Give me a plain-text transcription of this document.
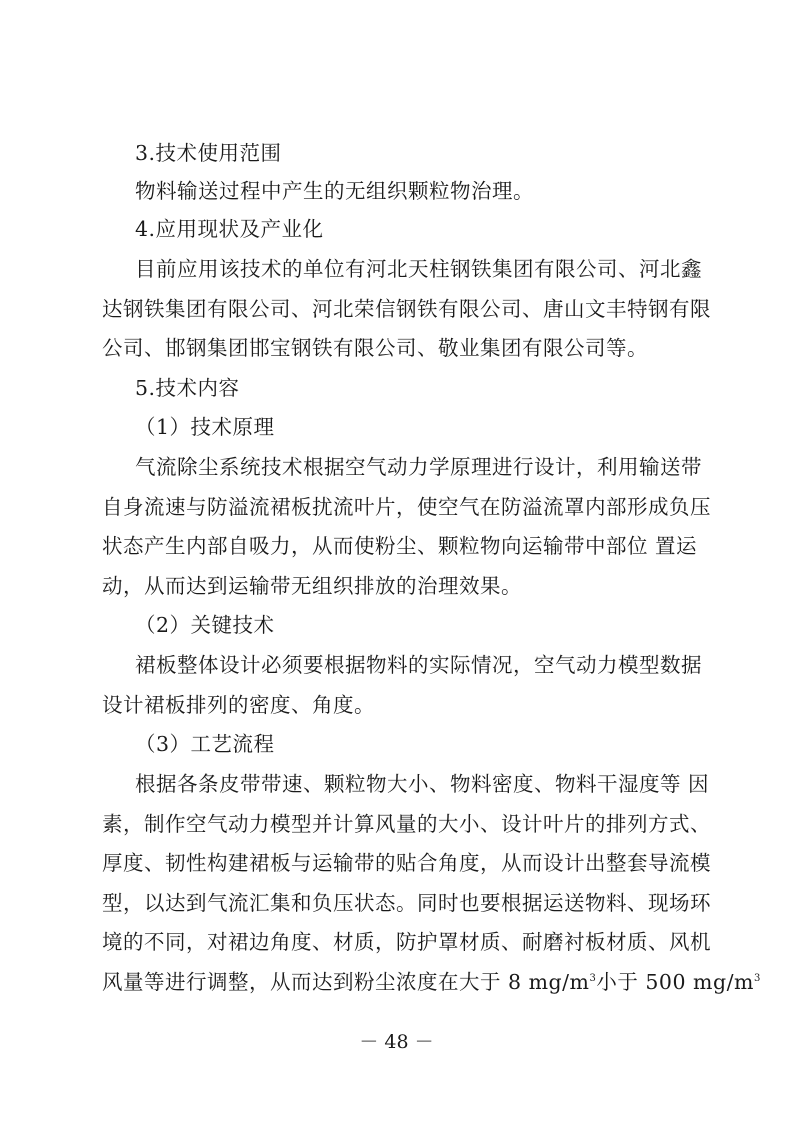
3.技术使用范围
物料输送过程中产生的无组织颗粒物治理。
4.应用现状及产业化
目前应用该技术的单位有河北天柱钢铁集团有限公司、河北鑫
达钢铁集团有限公司、河北荣信钢铁有限公司、唐山文丰特钢有限
公司、邯钢集团邯宝钢铁有限公司、敬业集团有限公司等。
5.技术内容
（1）技术原理
气流除尘系统技术根据空气动力学原理进行设计，利用输送带
自身流速与防溢流裙板扰流叶片，使空气在防溢流罩内部形成负压
状态产生内部自吸力，从而使粉尘、颗粒物向运输带中部位 置运
动，从而达到运输带无组织排放的治理效果。
（2）关键技术
裙板整体设计必须要根据物料的实际情况，空气动力模型数据
设计裙板排列的密度、角度。
（3）工艺流程
根据各条皮带带速、颗粒物大小、物料密度、物料干湿度等 因
素，制作空气动力模型并计算风量的大小、设计叶片的排列方式、
厚度、韧性构建裙板与运输带的贴合角度，从而设计出整套导流模
型，以达到气流汇集和负压状态。同时也要根据运送物料、现场环
境的不同，对裙边角度、材质，防护罩材质、耐磨衬板材质、风机
风量等进行调整，从而达到粉尘浓度在大于 8 $mg/m^3$小于 500 $mg/m^3$
－ 48 －
